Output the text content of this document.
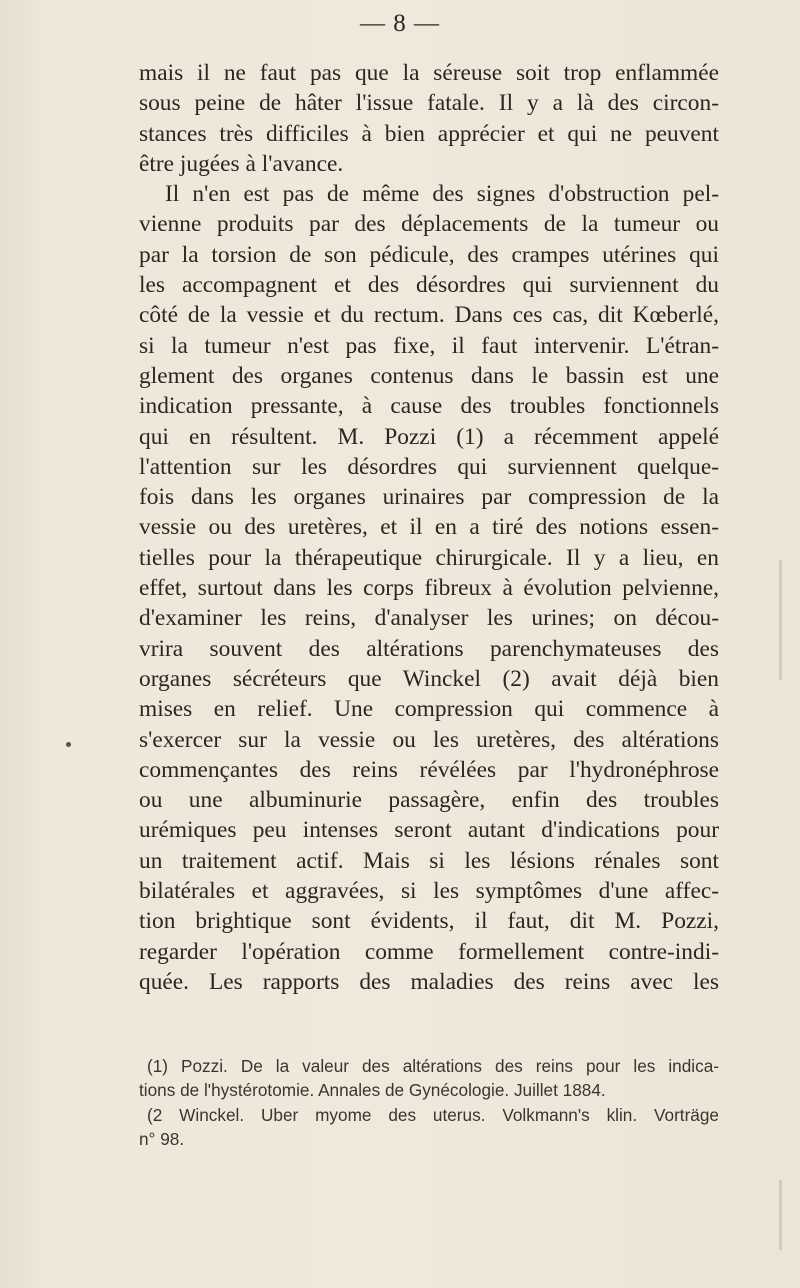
— 8 —
mais il ne faut pas que la séreuse soit trop enflammée
sous peine de hâter l'issue fatale. Il y a là des circon-
stances très difficiles à bien apprécier et qui ne peuvent
être jugées à l'avance.
Il n'en est pas de même des signes d'obstruction pel-
vienne produits par des déplacements de la tumeur ou
par la torsion de son pédicule, des crampes utérines qui
les accompagnent et des désordres qui surviennent du
côté de la vessie et du rectum. Dans ces cas, dit Kœberlé,
si la tumeur n'est pas fixe, il faut intervenir. L'étran-
glement des organes contenus dans le bassin est une
indication pressante, à cause des troubles fonctionnels
qui en résultent. M. Pozzi (1) a récemment appelé
l'attention sur les désordres qui surviennent quelque-
fois dans les organes urinaires par compression de la
vessie ou des uretères, et il en a tiré des notions essen-
tielles pour la thérapeutique chirurgicale. Il y a lieu, en
effet, surtout dans les corps fibreux à évolution pelvienne,
d'examiner les reins, d'analyser les urines; on décou-
vrira souvent des altérations parenchymateuses des
organes sécréteurs que Winckel (2) avait déjà bien
mises en relief. Une compression qui commence à
s'exercer sur la vessie ou les uretères, des altérations
commençantes des reins révélées par l'hydronéphrose
ou une albuminurie passagère, enfin des troubles
urémiques peu intenses seront autant d'indications pour
un traitement actif. Mais si les lésions rénales sont
bilatérales et aggravées, si les symptômes d'une affec-
tion brightique sont évidents, il faut, dit M. Pozzi,
regarder l'opération comme formellement contre-indi-
quée. Les rapports des maladies des reins avec les
(1) Pozzi. De la valeur des altérations des reins pour les indica-
tions de l'hystérotomie. Annales de Gynécologie. Juillet 1884.
(2 Winckel. Uber myome des uterus. Volkmann's klin. Vorträge
n° 98.
